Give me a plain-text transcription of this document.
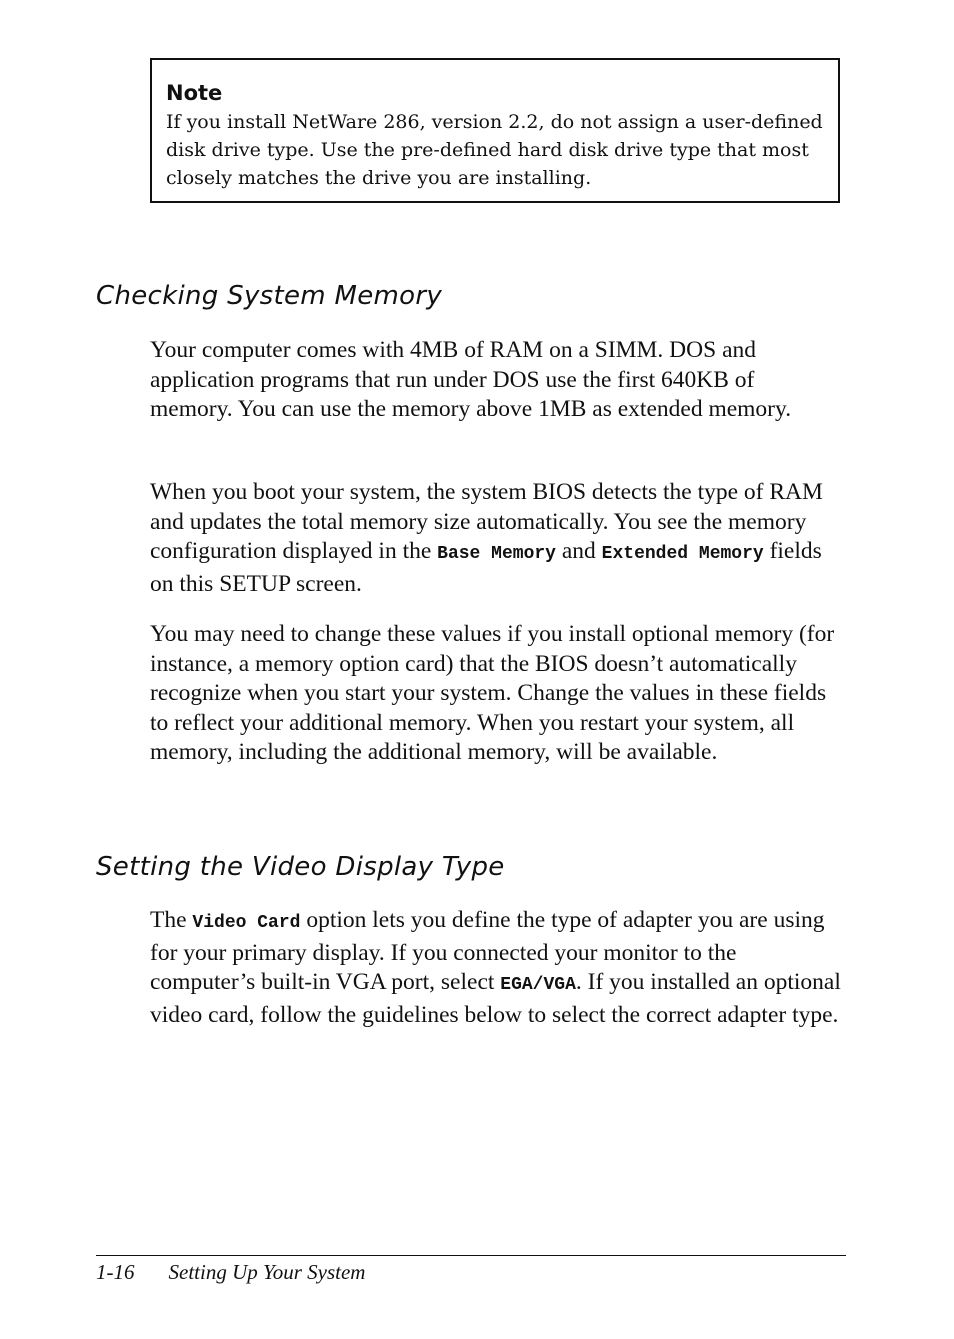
Note

If you install NetWare 286, version 2.2, do not assign a user-defined disk drive type. Use the pre-defined hard disk drive type that most closely matches the drive you are installing.

Checking System Memory

Your computer comes with 4MB of RAM on a SIMM. DOS and application programs that run under DOS use the first 640KB of memory. You can use the memory above 1MB as extended memory.

When you boot your system, the system BIOS detects the type of RAM and updates the total memory size automatically. You see the memory configuration displayed in the Base Memory and Extended Memory fields on this SETUP screen.

You may need to change these values if you install optional memory (for instance, a memory option card) that the BIOS doesn’t automatically recognize when you start your system. Change the values in these fields to reflect your additional memory. When you restart your system, all memory, including the additional memory, will be available.

Setting the Video Display Type

The Video Card option lets you define the type of adapter you are using for your primary display. If you connected your monitor to the computer’s built-in VGA port, select EGA/VGA. If you installed an optional video card, follow the guidelines below to select the correct adapter type.

1-16 Setting Up Your System
